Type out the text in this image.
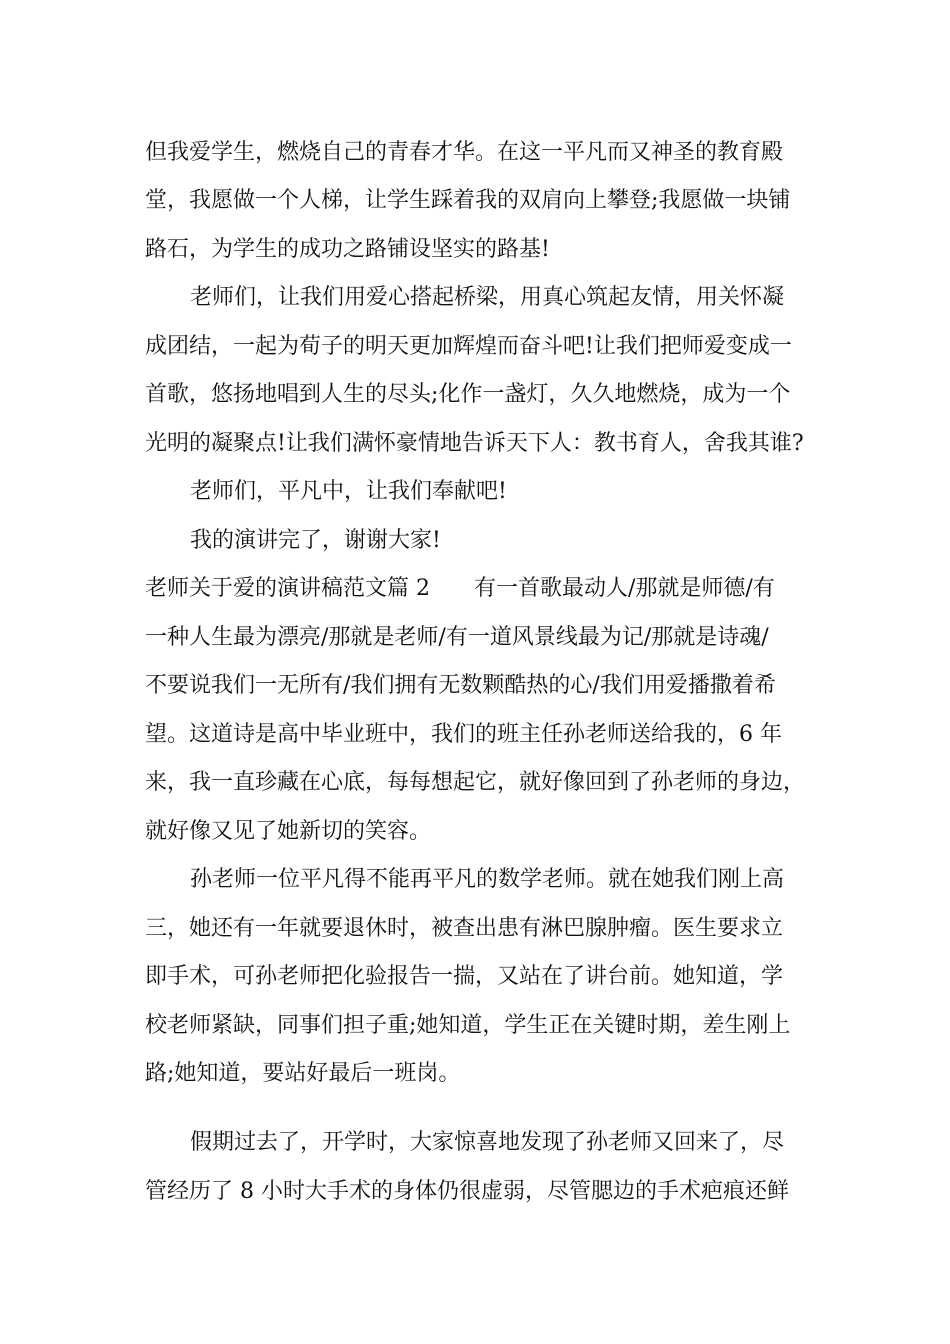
但我爱学生，燃烧自己的青春才华。在这一平凡而又神圣的教育殿
堂，我愿做一个人梯，让学生踩着我的双肩向上攀登;我愿做一块铺
路石，为学生的成功之路铺设坚实的路基!
老师们，让我们用爱心搭起桥梁，用真心筑起友情，用关怀凝
成团结，一起为荀子的明天更加辉煌而奋斗吧!让我们把师爱变成一
首歌，悠扬地唱到人生的尽头;化作一盏灯，久久地燃烧，成为一个
光明的凝聚点!让我们满怀豪情地告诉天下人：教书育人，舍我其谁?
老师们，平凡中，让我们奉献吧!
我的演讲完了，谢谢大家!
老师关于爱的演讲稿范文篇 2　　有一首歌最动人/那就是师德/有
一种人生最为漂亮/那就是老师/有一道风景线最为记/那就是诗魂/
不要说我们一无所有/我们拥有无数颗酷热的心/我们用爱播撒着希
望。这道诗是高中毕业班中，我们的班主任孙老师送给我的，6 年
来，我一直珍藏在心底，每每想起它，就好像回到了孙老师的身边，
就好像又见了她新切的笑容。
孙老师一位平凡得不能再平凡的数学老师。就在她我们刚上高
三，她还有一年就要退休时，被查出患有淋巴腺肿瘤。医生要求立
即手术，可孙老师把化验报告一揣，又站在了讲台前。她知道，学
校老师紧缺，同事们担子重;她知道，学生正在关键时期，差生刚上
路;她知道，要站好最后一班岗。
假期过去了，开学时，大家惊喜地发现了孙老师又回来了，尽
管经历了 8 小时大手术的身体仍很虚弱，尽管腮边的手术疤痕还鲜
